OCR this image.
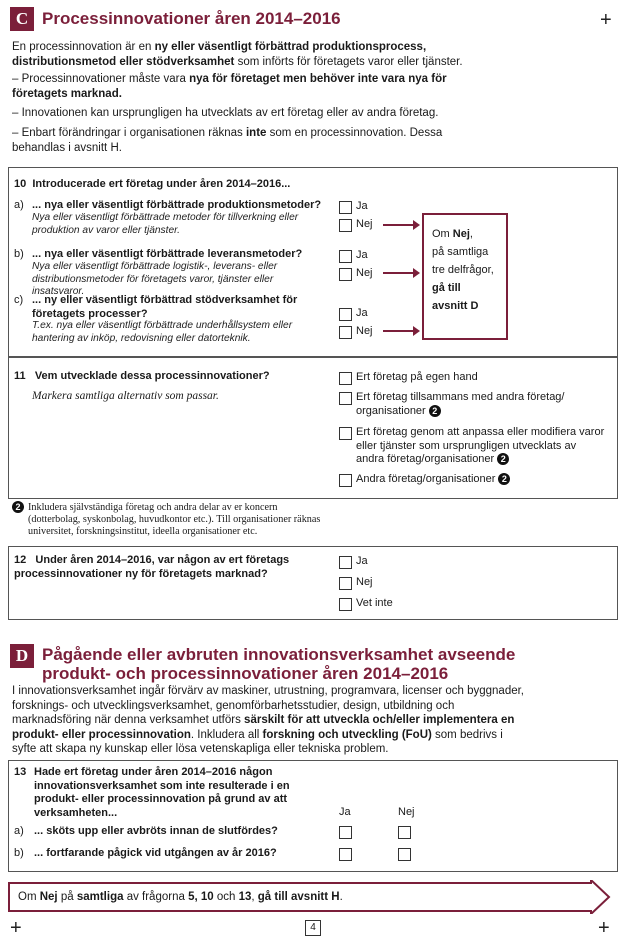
+
+	+
C Processinnovationer åren 2014–2016
En processinnovation är en ny eller väsentligt förbättrad produktionsprocess, distributionsmetod eller stödverksamhet som införts för företagets varor eller tjänster.
– Processinnovationer måste vara nya för företaget men behöver inte vara nya för företagets marknad.
– Innovationen kan ursprungligen ha utvecklats av ert företag eller av andra företag.
– Enbart förändringar i organisationen räknas inte som en processinnovation. Dessa behandlas i avsnitt H.
10 Introducerade ert företag under åren 2014–2016...
a) ... nya eller väsentligt förbättrade produktionsmetoder?
Nya eller väsentligt förbättrade metoder för tillverkning eller produktion av varor eller tjänster.
Ja
Nej
b) ... nya eller väsentligt förbättrade leveransmetoder?
Nya eller väsentligt förbättrade logistik-, leverans- eller distributionsmetoder för företagets varor, tjänster eller insatsvaror.
Ja
Nej
c) ... ny eller väsentligt förbättrad stödverksamhet för företagets processer?
T.ex. nya eller väsentligt förbättrade underhållsystem eller hantering av inköp, redovisning eller datorteknik.
Ja
Nej
Om Nej,
på samtliga
tre delfrågor,
gå till
avsnitt D
11 Vem utvecklade dessa processinnovationer?
Markera samtliga alternativ som passar.
Ert företag på egen hand
Ert företag tillsammans med andra företag/ organisationer 2
Ert företag genom att anpassa eller modifiera varor eller tjänster som ursprungligen utvecklats av andra företag/organisationer 2
Andra företag/organisationer 2
2 Inkludera självständiga företag och andra delar av er koncern (dotterbolag, syskonbolag, huvudkontor etc.). Till organisationer räknas universitet, forskningsinstitut, ideella organisationer etc.
12 Under åren 2014–2016, var någon av ert företags processinnovationer ny för företagets marknad?
Ja
Nej
Vet inte
D Pågående eller avbruten innovationsverksamhet avseende
produkt- och processinnovationer åren 2014–2016
I innovationsverksamhet ingår förvärv av maskiner, utrustning, programvara, licenser och byggnader, forsknings- och utvecklingsverksamhet, genomförbarhetsstudier, design, utbildning och marknadsföring när denna verksamhet utförs särskilt för att utveckla och/eller implementera en produkt- eller processinnovation. Inkludera all forskning och utveckling (FoU) som bedrivs i syfte att skapa ny kunskap eller lösa vetenskapliga eller tekniska problem.
13 Hade ert företag under åren 2014–2016 någon innovationsverksamhet som inte resulterade i en produkt- eller processinnovation på grund av att verksamheten...	Ja	Nej
a) ... sköts upp eller avbröts innan de slutfördes?
b) ... fortfarande pågick vid utgången av år 2016?
Om Nej på samtliga av frågorna 5, 10 och 13, gå till avsnitt H.
4
